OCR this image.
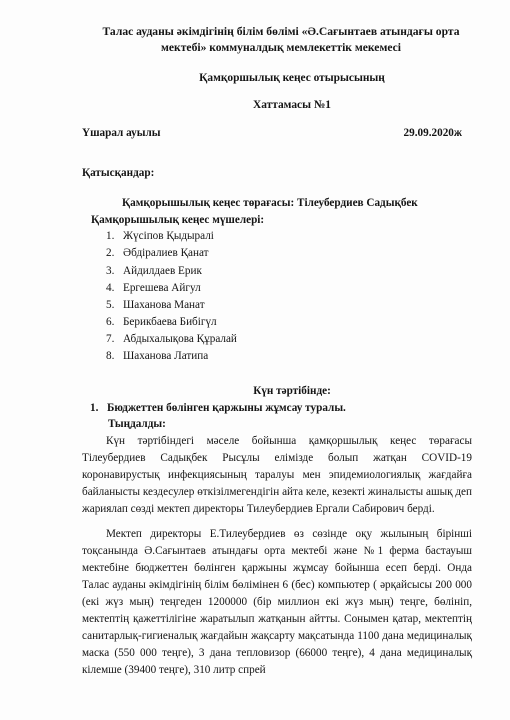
Талас ауданы әкімдігінің білім бөлімі «Ә.Сағынтаев атындағы орта
мектебі» коммуналдық мемлекеттік мекемесі
Қамқоршылық кеңес отырысының
Хаттамасы №1
Үшарал ауылы	29.09.2020ж
Қатысқандар:
Қамқорышылық кеңес төрағасы: Тілеубердиев Садықбек
Қамқорышылық кеңес мүшелері:
1. Жүсіпов Қыдыралі
2. Әбдіралиев Қанат
3. Айдилдаев Ерик
4. Ергешева Айгул
5. Шаханова Манат
6. Берикбаева Бибігүл
7. Абдыхалықова Құралай
8. Шаханова Латипа
Күн тәртібінде:
1. Бюджеттен бөлінген қаржыны жұмсау туралы.
Тыңдалды:
Күн тәртібіндегі мәселе бойынша қамқоршылық кеңес төрағасы Тілеубердиев Садықбек Рысұлы елімізде болып жатқан COVID-19 коронавирустық инфекциясының таралуы мен эпидемиологиялық жағдайға байланысты кездесулер өткізілмегендігін айта келе, кезекті жиналысты ашық деп жариялап сөзді мектеп директоры Тилеубердиев Ергали Сабирович берді.
Мектеп директоры Е.Тилеубердиев өз сөзінде оқу жылының бірінші тоқсанында Ә.Сағынтаев атындағы орта мектебі және №1 ферма бастауыш мектебіне бюджеттен бөлінген қаржыны жұмсау бойынша есеп берді. Онда Талас ауданы әкімдігінің білім бөлімінен 6 (бес) компьютер ( әрқайсысы 200 000 (екі жүз мың) теңгеден 1200000 (бір миллион екі жүз мың) теңге, бөлініп, мектептің қажеттілігіне жаратылып жатқанын айтты. Сонымен қатар, мектептің санитарлық-гигиеналық жағдайын жақсарту мақсатында 1100 дана медициналық маска (550 000 теңге), 3 дана тепловизор (66000 теңге), 4 дана медициналық кілемше (39400 теңге), 310 литр спрей
